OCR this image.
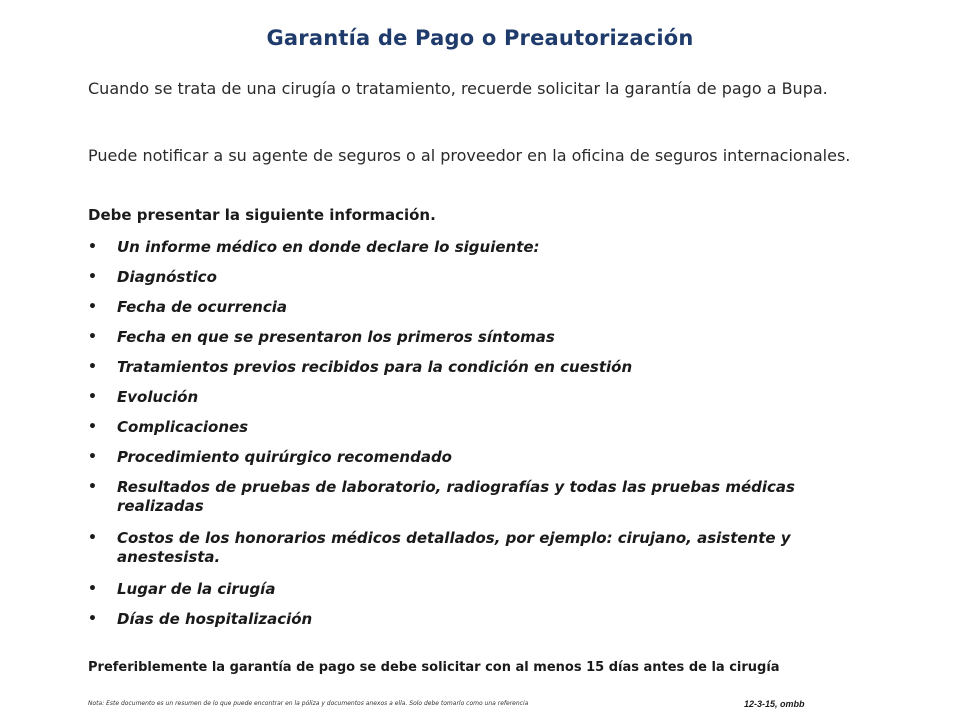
Garantía de Pago o Preautorización
Cuando se trata de una cirugía o tratamiento, recuerde solicitar la garantía de pago a Bupa.
Puede notificar a su agente de seguros o al proveedor en la oficina de seguros internacionales.
Debe presentar la siguiente información.
• Un informe médico en donde declare lo siguiente:
• Diagnóstico
• Fecha de ocurrencia
• Fecha en que se presentaron los primeros síntomas
• Tratamientos previos recibidos para la condición en cuestión
• Evolución
• Complicaciones
• Procedimiento quirúrgico recomendado
• Resultados de pruebas de laboratorio, radiografías y todas las pruebas médicas realizadas
• Costos de los honorarios médicos detallados, por ejemplo: cirujano, asistente y anestesista.
• Lugar de la cirugía
• Días de hospitalización
Preferiblemente la garantía de pago se debe solicitar con al menos 15 días antes de la cirugía
Nota: Este documento es un resumen de lo que puede encontrar en la póliza y documentos anexos a ella. Solo debe tomarlo como una referencia	12-3-15, ombb
